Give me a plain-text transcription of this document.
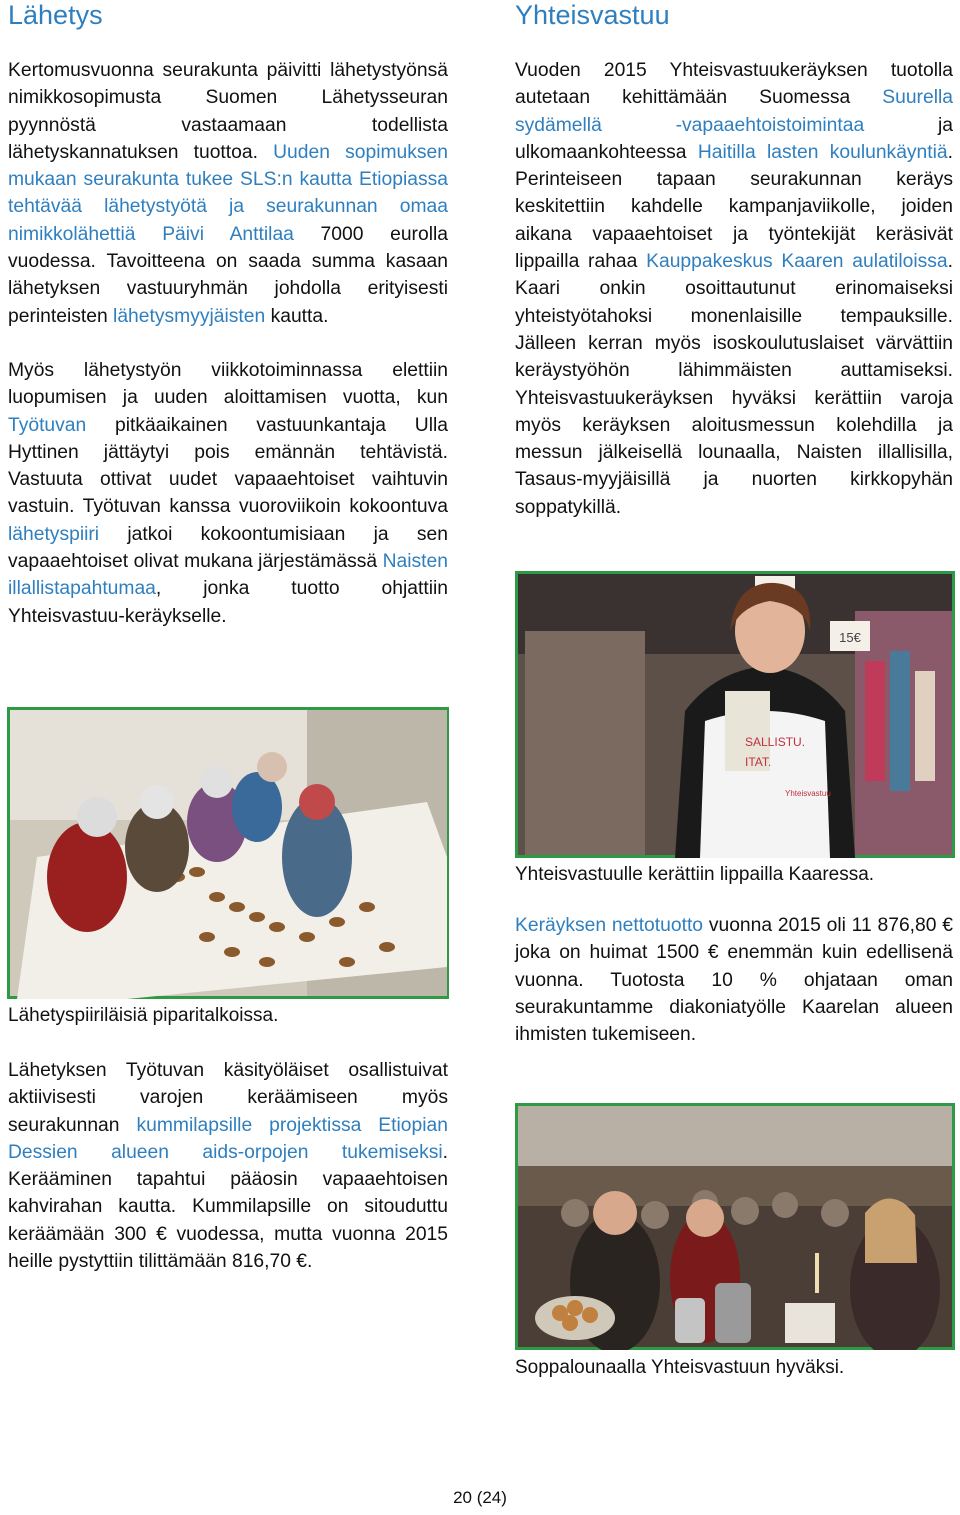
Lähetys

Kertomusvuonna seurakunta päivitti lähetystyönsä nimikkosopimusta Suomen Lähetysseuran pyynnöstä vastaamaan todellista lähetyskannatuksen tuottoa. Uuden sopimuksen mukaan seurakunta tukee SLS:n kautta Etiopiassa tehtävää lähetystyötä ja seurakunnan omaa nimikkolähettiä Päivi Anttilaa 7000 eurolla vuodessa. Tavoitteena on saada summa kasaan lähetyksen vastuuryhmän johdolla erityisesti perinteisten lähetysmyyjäisten kautta.

Myös lähetystyön viikkotoiminnassa elettiin luopumisen ja uuden aloittamisen vuotta, kun Työtuvan pitkäaikainen vastuunkantaja Ulla Hyttinen jättäytyi pois emännän tehtävistä. Vastuuta ottivat uudet vapaaehtoiset vaihtuvin vastuin. Työtuvan kanssa vuoroviikoin kokoontuva lähetyspiiri jatkoi kokoontumisiaan ja sen vapaaehtoiset olivat mukana järjestämässä Naisten illallistapahtumaa, jonka tuotto ohjattiin Yhteisvastuu-keräykselle.

Lähetyspiiriläisiä piparitalkoissa.

Lähetyksen Työtuvan käsityöläiset osallistuivat aktiivisesti varojen keräämiseen myös seurakunnan kummilapsille projektissa Etiopian Dessien alueen aids-orpojen tukemiseksi. Kerääminen tapahtui pääosin vapaaehtoisen kahvirahan kautta. Kummilapsille on sitouduttu keräämään 300 € vuodessa, mutta vuonna 2015 heille pystyttiin tilittämään 816,70 €.

Yhteisvastuu

Vuoden 2015 Yhteisvastuukeräyksen tuotolla autetaan kehittämään Suomessa Suurella sydämellä -vapaaehtoistoimintaa ja ulkomaankohteessa Haitilla lasten koulunkäyntiä. Perinteiseen tapaan seurakunnan keräys keskitettiin kahdelle kampanjaviikolle, joiden aikana vapaaehtoiset ja työntekijät keräsivät lippailla rahaa Kauppakeskus Kaaren aulatiloissa. Kaari onkin osoittautunut erinomaiseksi yhteistyötahoksi monenlaisille tempauksille. Jälleen kerran myös isoskoulutuslaiset värvättiin keräystyöhön lähimmäisten auttamiseksi. Yhteisvastuukeräyksen hyväksi kerättiin varoja myös keräyksen aloitusmessun kolehdilla ja messun jälkeisellä lounaalla, Naisten illallisilla, Tasaus-myyjäisillä ja nuorten kirkkopyhän soppatykillä.

15€
SALLISTU.
ITAT.
Yhteisvastuu
Yhteisvastuulle kerättiin lippailla Kaaressa.

Keräyksen nettotuotto vuonna 2015 oli 11 876,80 € joka on huimat 1500 € enemmän kuin edellisenä vuonna. Tuotosta 10 % ohjataan oman seurakuntamme diakoniatyölle Kaarelan alueen ihmisten tukemiseen.

Soppalounaalla Yhteisvastuun hyväksi.
20 (24)
